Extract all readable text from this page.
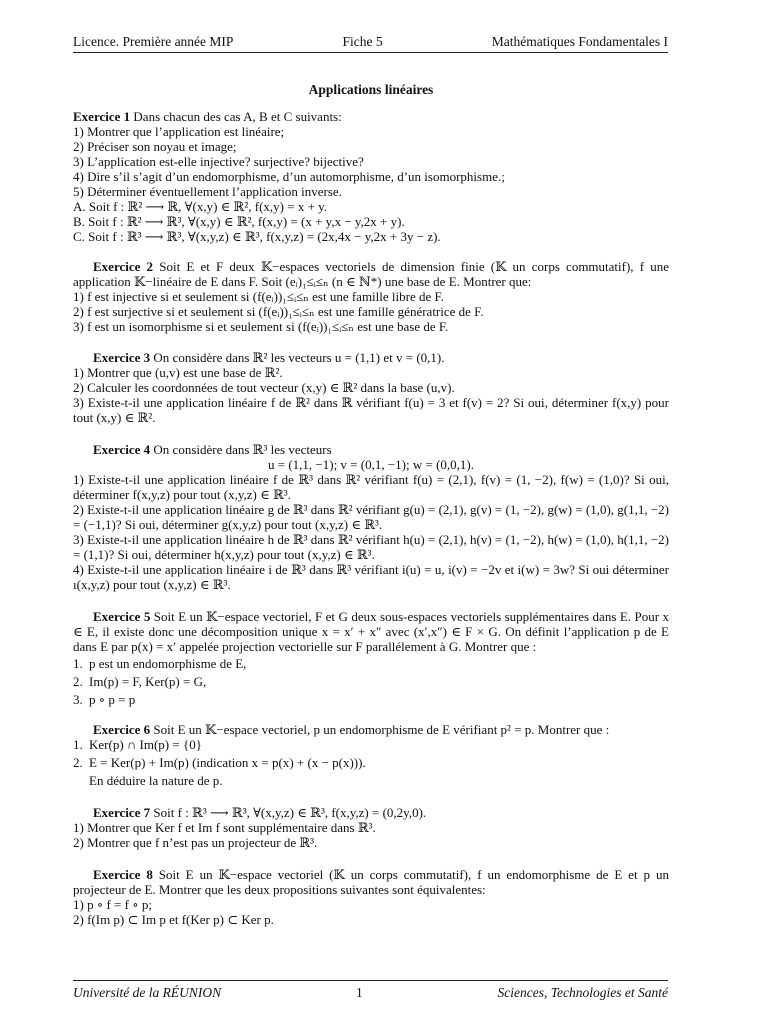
Licence. Première année MIP	Fiche 5	Mathématiques Fondamentales I
Applications linéaires

Exercice 1 Dans chacun des cas A, B et C suivants:

1) Montrer que l’application est linéaire;

2) Préciser son noyau et image;

3) L’application est-elle injective? surjective? bijective?

4) Dire s’il s’agit d’un endomorphisme, d’un automorphisme, d’un isomorphisme.;

5) Déterminer éventuellement l’application inverse.

A. Soit f : ℝ² ⟶ ℝ, ∀(x,y) ∈ ℝ², f(x,y) = x + y.

B. Soit f : ℝ² ⟶ ℝ³, ∀(x,y) ∈ ℝ², f(x,y) = (x + y,x − y,2x + y).

C. Soit f : ℝ³ ⟶ ℝ³, ∀(x,y,z) ∈ ℝ³, f(x,y,z) = (2x,4x − y,2x + 3y − z).

Exercice 2 Soit E et F deux 𝕂−espaces vectoriels de dimension finie (𝕂 un corps commutatif), f une application 𝕂−linéaire de E dans F. Soit (eᵢ)₁≤ᵢ≤ₙ (n ∈ ℕ*) une base de E. Montrer que:

1) f est injective si et seulement si (f(eᵢ))₁≤ᵢ≤ₙ est une famille libre de F.

2) f est surjective si et seulement si (f(eᵢ))₁≤ᵢ≤ₙ est une famille génératrice de F.

3) f est un isomorphisme si et seulement si (f(eᵢ))₁≤ᵢ≤ₙ est une base de F.

Exercice 3 On considère dans ℝ² les vecteurs u = (1,1) et v = (0,1).

1) Montrer que (u,v) est une base de ℝ².

2) Calculer les coordonnées de tout vecteur (x,y) ∈ ℝ² dans la base (u,v).

3) Existe-t-il une application linéaire f de ℝ² dans ℝ vérifiant f(u) = 3 et f(v) = 2? Si oui, déterminer f(x,y) pour tout (x,y) ∈ ℝ².

Exercice 4 On considère dans ℝ³ les vecteurs

u = (1,1, −1); v = (0,1, −1); w = (0,0,1).

1) Existe-t-il une application linéaire f de ℝ³ dans ℝ² vérifiant f(u) = (2,1), f(v) = (1, −2), f(w) = (1,0)? Si oui, déterminer f(x,y,z) pour tout (x,y,z) ∈ ℝ³.

2) Existe-t-il une application linéaire g de ℝ³ dans ℝ² vérifiant g(u) = (2,1), g(v) = (1, −2), g(w) = (1,0), g(1,1, −2) = (−1,1)? Si oui, déterminer g(x,y,z) pour tout (x,y,z) ∈ ℝ³.

3) Existe-t-il une application linéaire h de ℝ³ dans ℝ² vérifiant h(u) = (2,1), h(v) = (1, −2), h(w) = (1,0), h(1,1, −2) = (1,1)? Si oui, déterminer h(x,y,z) pour tout (x,y,z) ∈ ℝ³.

4) Existe-t-il une application linéaire i de ℝ³ dans ℝ³ vérifiant i(u) = u, i(v) = −2v et i(w) = 3w? Si oui déterminer ı(x,y,z) pour tout (x,y,z) ∈ ℝ³.

Exercice 5 Soit E un 𝕂−espace vectoriel, F et G deux sous-espaces vectoriels supplémentaires dans E. Pour x ∈ E, il existe donc une décomposition unique x = x′ + x″ avec (x′,x″) ∈ F × G. On définit l’application p de E dans E par p(x) = x′ appelée projection vectorielle sur F parallélement à G. Montrer que :

1. p est un endomorphisme de E,
2. Im(p) = F, Ker(p) = G,
3. p ∘ p = p

Exercice 6 Soit E un 𝕂−espace vectoriel, p un endomorphisme de E vérifiant p² = p. Montrer que :

1. Ker(p) ∩ Im(p) = {0}
2. E = Ker(p) + Im(p) (indication x = p(x) + (x − p(x))).

En déduire la nature de p.

Exercice 7 Soit f : ℝ³ ⟶ ℝ³, ∀(x,y,z) ∈ ℝ³, f(x,y,z) = (0,2y,0).

1) Montrer que Ker f et Im f sont supplémentaire dans ℝ³.

2) Montrer que f n’est pas un projecteur de ℝ³.

Exercice 8 Soit E un 𝕂−espace vectoriel (𝕂 un corps commutatif), f un endomorphisme de E et p un projecteur de E. Montrer que les deux propositions suivantes sont équivalentes:

1) p ∘ f = f ∘ p;

2) f(Im p) ⊂ Im p et f(Ker p) ⊂ Ker p.

Université de la RÉUNION	1	Sciences, Technologies et Santé
